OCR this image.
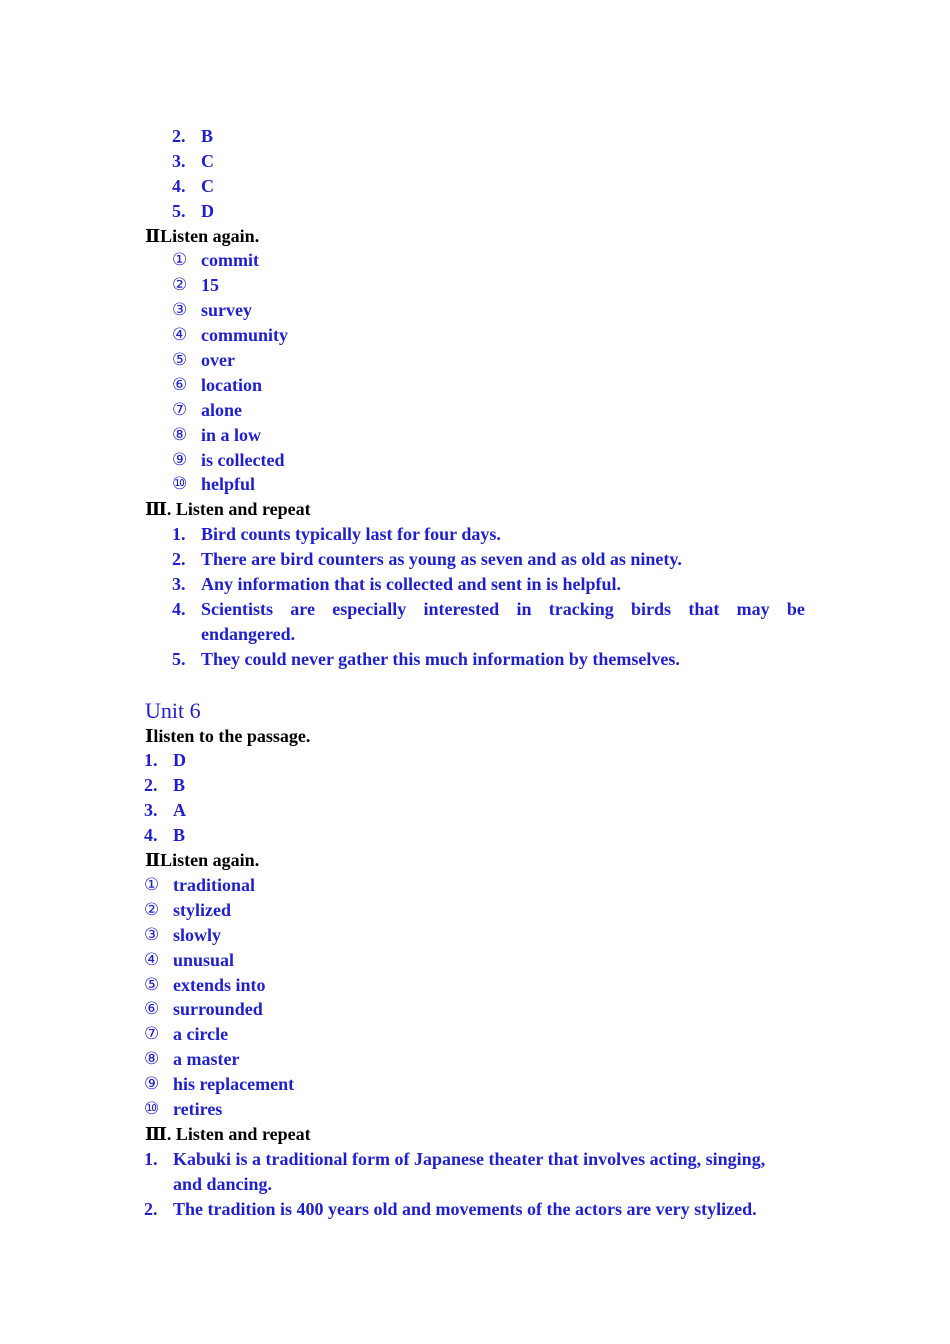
2. B
3. C
4. C
5. D
ⅡListen again.
① commit
② 15
③ survey
④ community
⑤ over
⑥ location
⑦ alone
⑧ in a low
⑨ is collected
⑩ helpful
Ⅲ. Listen and repeat
1. Bird counts typically last for four days.
2. There are bird counters as young as seven and as old as ninety.
3. Any information that is collected and sent in is helpful.
4. Scientists are especially interested in tracking birds that may be
endangered.
5. They could never gather this much information by themselves.
Unit 6
Ⅰlisten to the passage.
1. D
2. B
3. A
4. B
ⅡListen again.
① traditional
② stylized
③ slowly
④ unusual
⑤ extends into
⑥ surrounded
⑦ a circle
⑧ a master
⑨ his replacement
⑩ retires
Ⅲ. Listen and repeat
1. Kabuki is a traditional form of Japanese theater that involves acting, singing,
and dancing.
2. The tradition is 400 years old and movements of the actors are very stylized.
